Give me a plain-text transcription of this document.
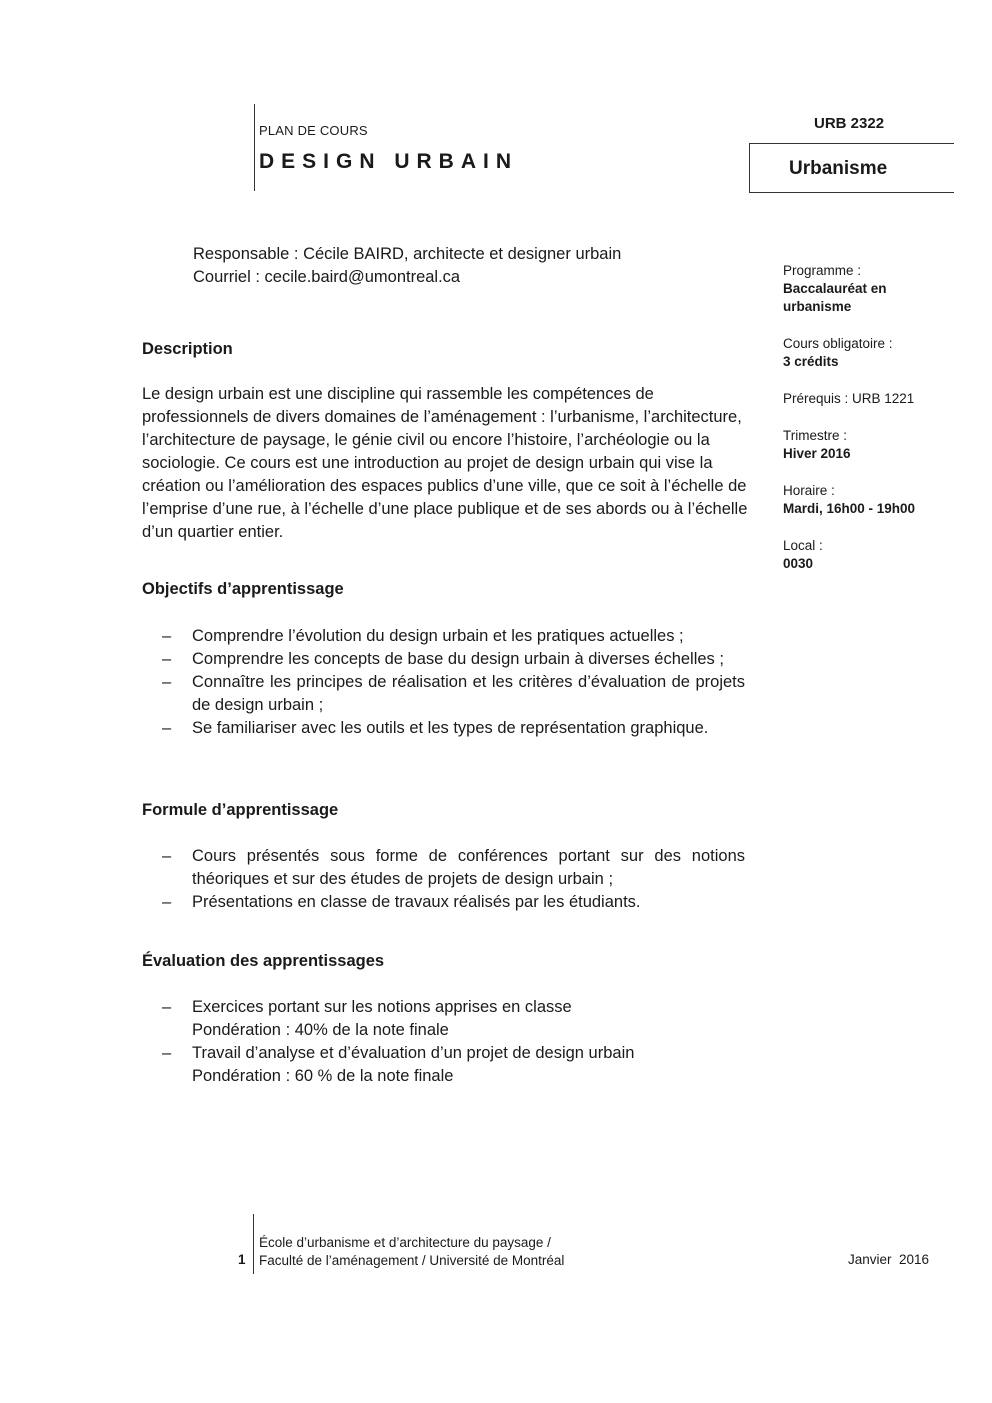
PLAN DE COURS
DESIGN URBAIN
URB 2322
Urbanisme
Responsable : Cécile BAIRD, architecte et designer urbain
Courriel : cecile.baird@umontreal.ca	Programme :
Baccalauréat en urbanisme
Cours obligatoire :
3 crédits
Prérequis : URB 1221
Trimestre :
Hiver 2016
Horaire :
Mardi, 16h00 - 19h00
Local :
0030
Description
Le design urbain est une discipline qui rassemble les compétences de professionnels de divers domaines de l’aménagement : l’urbanisme, l’architecture, l’architecture de paysage, le génie civil ou encore l’histoire, l’archéologie ou la sociologie. Ce cours est une introduction au projet de design urbain qui vise la création ou l’amélioration des espaces publics d’une ville, que ce soit à l’échelle de l’emprise d’une rue, à l’échelle d’une place publique et de ses abords ou à l’échelle d’un quartier entier.
Objectifs d’apprentissage
–	Comprendre l’évolution du design urbain et les pratiques actuelles ;
–	Comprendre les concepts de base du design urbain à diverses échelles ;
–	Connaître les principes de réalisation et les critères d’évaluation de projets de design urbain ;
–	Se familiariser avec les outils et les types de représentation graphique.
Formule d’apprentissage
–	Cours présentés sous forme de conférences portant sur des notions théoriques et sur des études de projets de design urbain ;
–	Présentations en classe de travaux réalisés par les étudiants.
Évaluation des apprentissages
–	Exercices portant sur les notions apprises en classe
Pondération : 40% de la note finale
–	Travail d’analyse et d’évaluation d’un projet de design urbain
Pondération : 60 % de la note finale
1
École d’urbanisme et d’architecture du paysage /
Faculté de l’aménagement / Université de Montréal	Janvier  2016
